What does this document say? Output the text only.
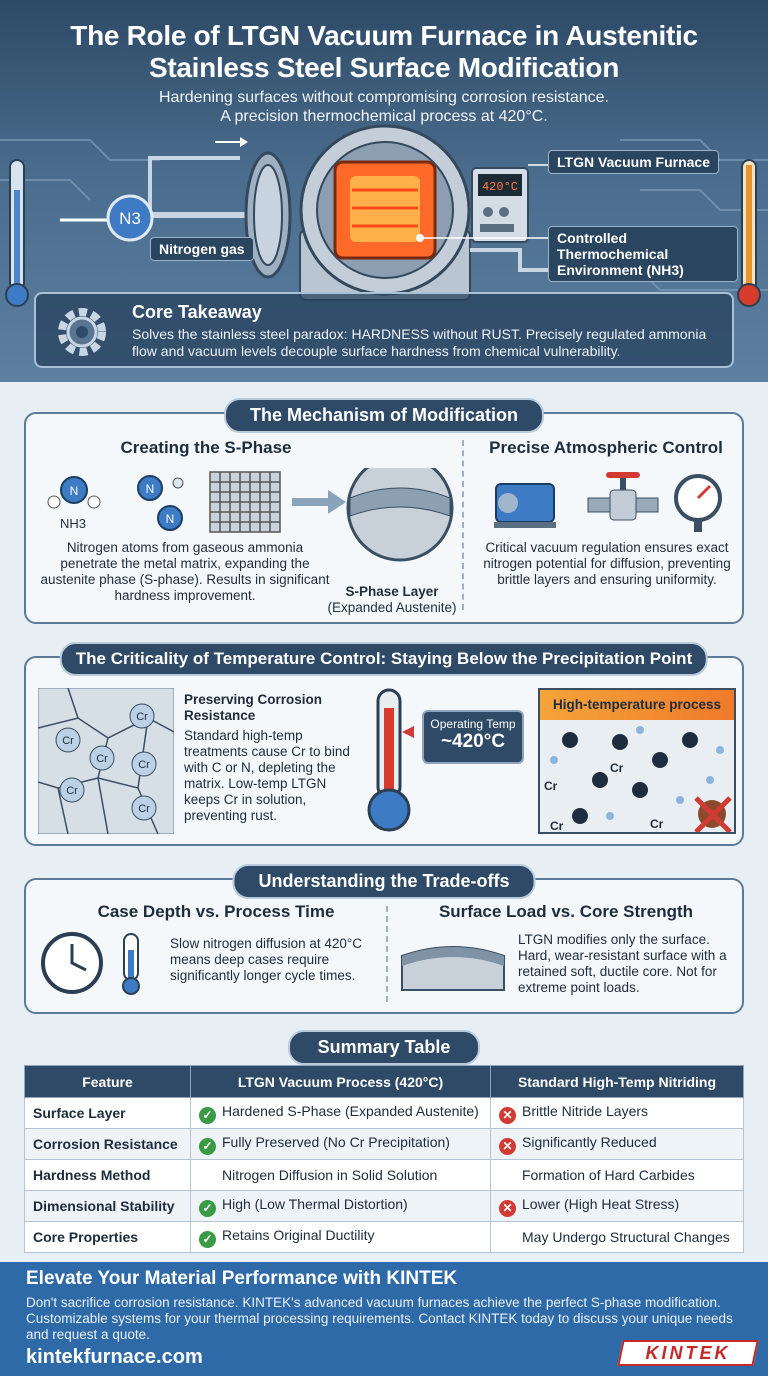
N3
420°C
The Role of LTGN Vacuum Furnace in Austenitic
Stainless Steel Surface Modification
Hardening surfaces without compromising corrosion resistance.
A precision thermochemical process at 420°C.
LTGN Vacuum Furnace
Controlled Thermochemical Environment (NH3)
Nitrogen gas
Core Takeaway
Solves the stainless steel paradox: HARDNESS without RUST. Precisely regulated ammonia flow and vacuum levels decouple surface hardness from chemical vulnerability.
The Mechanism of Modification
Creating the S-Phase
N
NH3
N
N
Nitrogen atoms from gaseous ammonia penetrate the metal matrix, expanding the austenite phase (S-phase). Results in significant hardness improvement.	S-Phase Layer
(Expanded Austenite)
Precise Atmospheric Control
Critical vacuum regulation ensures exact nitrogen potential for diffusion, preventing brittle layers and ensuring uniformity.
The Criticality of Temperature Control: Staying Below the Precipitation Point
Cr
Cr
Cr	Cr
Cr
Cr
Preserving Corrosion Resistance
Standard high-temp treatments cause Cr to bind with C or N, depleting the matrix. Low-temp LTGN keeps Cr in solution, preventing rust.
Operating Temp
~420°C
High-temperature process
Cr
Cr
Cr	Cr
Understanding the Trade-offs
Case Depth vs. Process Time
Slow nitrogen diffusion at 420°C means deep cases require significantly longer cycle times.
Surface Load vs. Core Strength
LTGN modifies only the surface. Hard, wear-resistant surface with a retained soft, ductile core. Not for extreme point loads.
Summary Table
Feature	LTGN Vacuum Process (420°C)	Standard High-Temp Nitriding
Surface Layer	✓ Hardened S-Phase (Expanded Austenite)	✕ Brittle Nitride Layers
Corrosion Resistance	✓ Fully Preserved (No Cr Precipitation)	✕ Significantly Reduced
Hardness Method	Nitrogen Diffusion in Solid Solution	Formation of Hard Carbides
Dimensional Stability	✓ High (Low Thermal Distortion)	✕ Lower (High Heat Stress)
Core Properties	✓ Retains Original Ductility	May Undergo Structural Changes
Elevate Your Material Performance with KINTEK
Don't sacrifice corrosion resistance. KINTEK's advanced vacuum furnaces achieve the perfect S-phase modification. Customizable systems for your thermal processing requirements. Contact KINTEK today to discuss your unique needs and request a quote.
kintekfurnace.com	KINTEK
